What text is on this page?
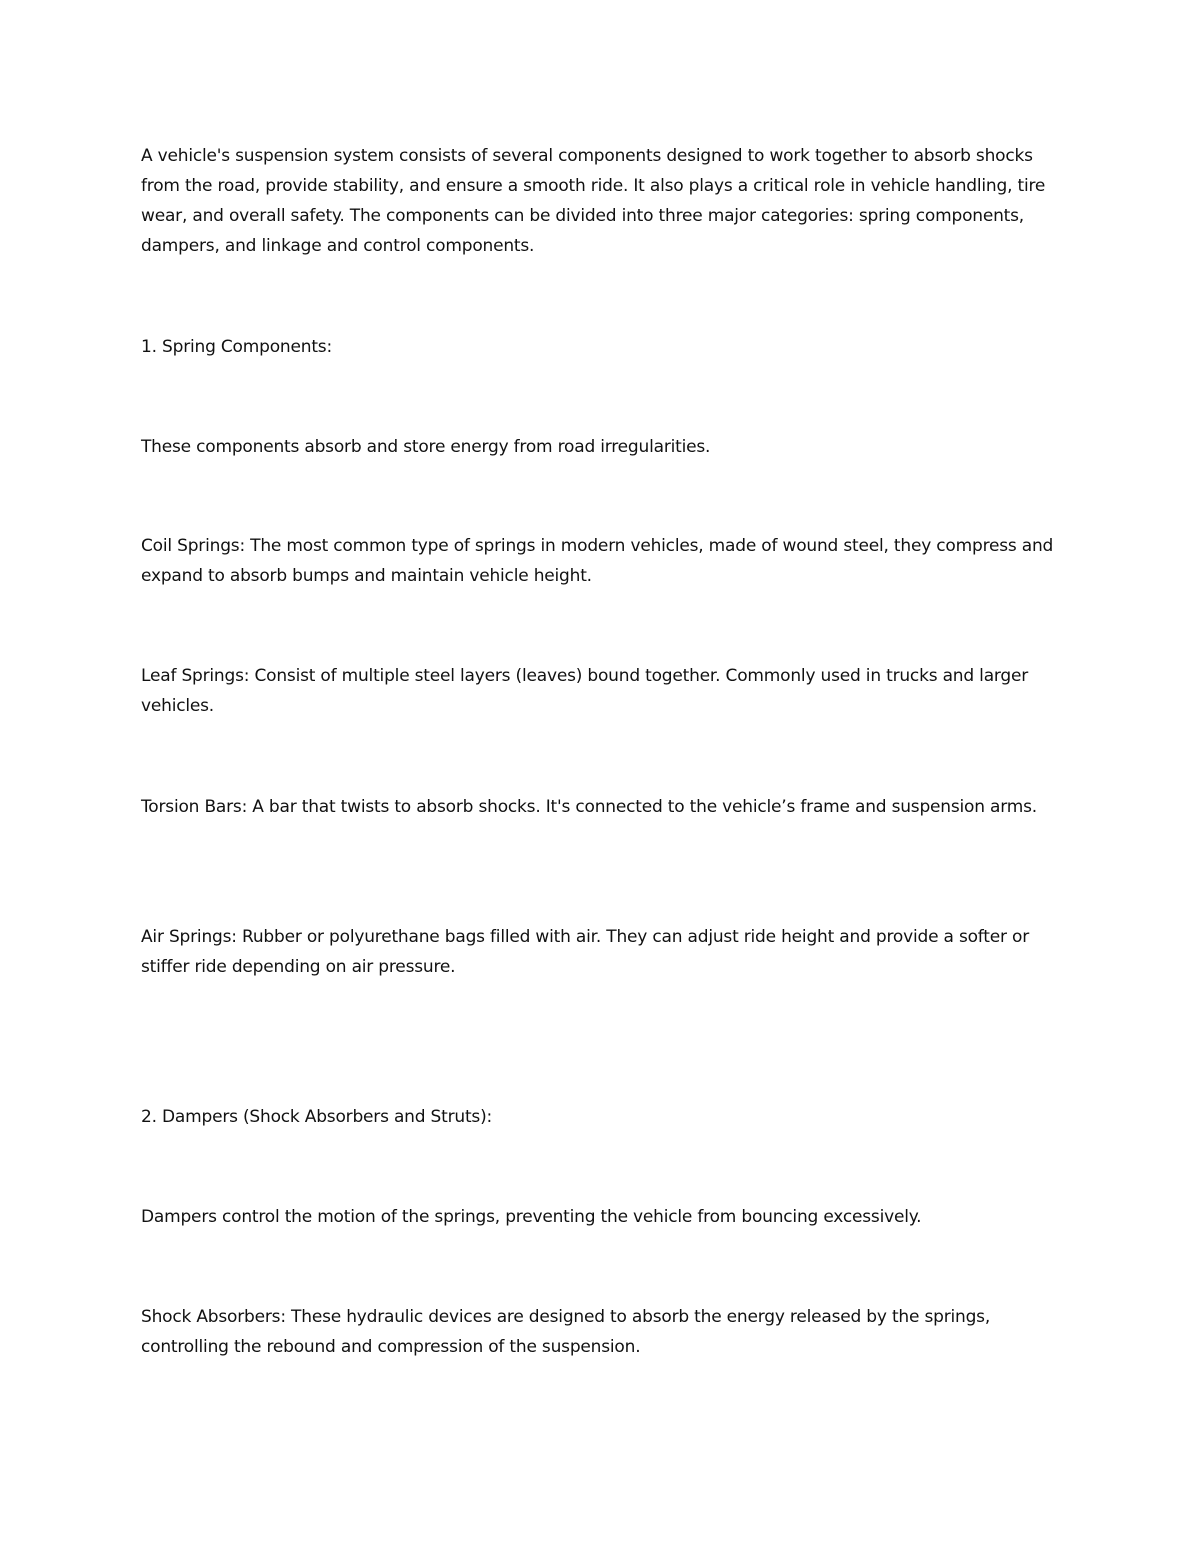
A vehicle's suspension system consists of several components designed to work together to absorb shocks from the road, provide stability, and ensure a smooth ride. It also plays a critical role in vehicle handling, tire wear, and overall safety. The components can be divided into three major categories: spring components, dampers, and linkage and control components.

1. Spring Components:

These components absorb and store energy from road irregularities.

Coil Springs: The most common type of springs in modern vehicles, made of wound steel, they compress and expand to absorb bumps and maintain vehicle height.

Leaf Springs: Consist of multiple steel layers (leaves) bound together. Commonly used in trucks and larger vehicles.

Torsion Bars: A bar that twists to absorb shocks. It's connected to the vehicle’s frame and suspension arms.

Air Springs: Rubber or polyurethane bags filled with air. They can adjust ride height and provide a softer or stiffer ride depending on air pressure.

2. Dampers (Shock Absorbers and Struts):

Dampers control the motion of the springs, preventing the vehicle from bouncing excessively.

Shock Absorbers: These hydraulic devices are designed to absorb the energy released by the springs, controlling the rebound and compression of the suspension.
